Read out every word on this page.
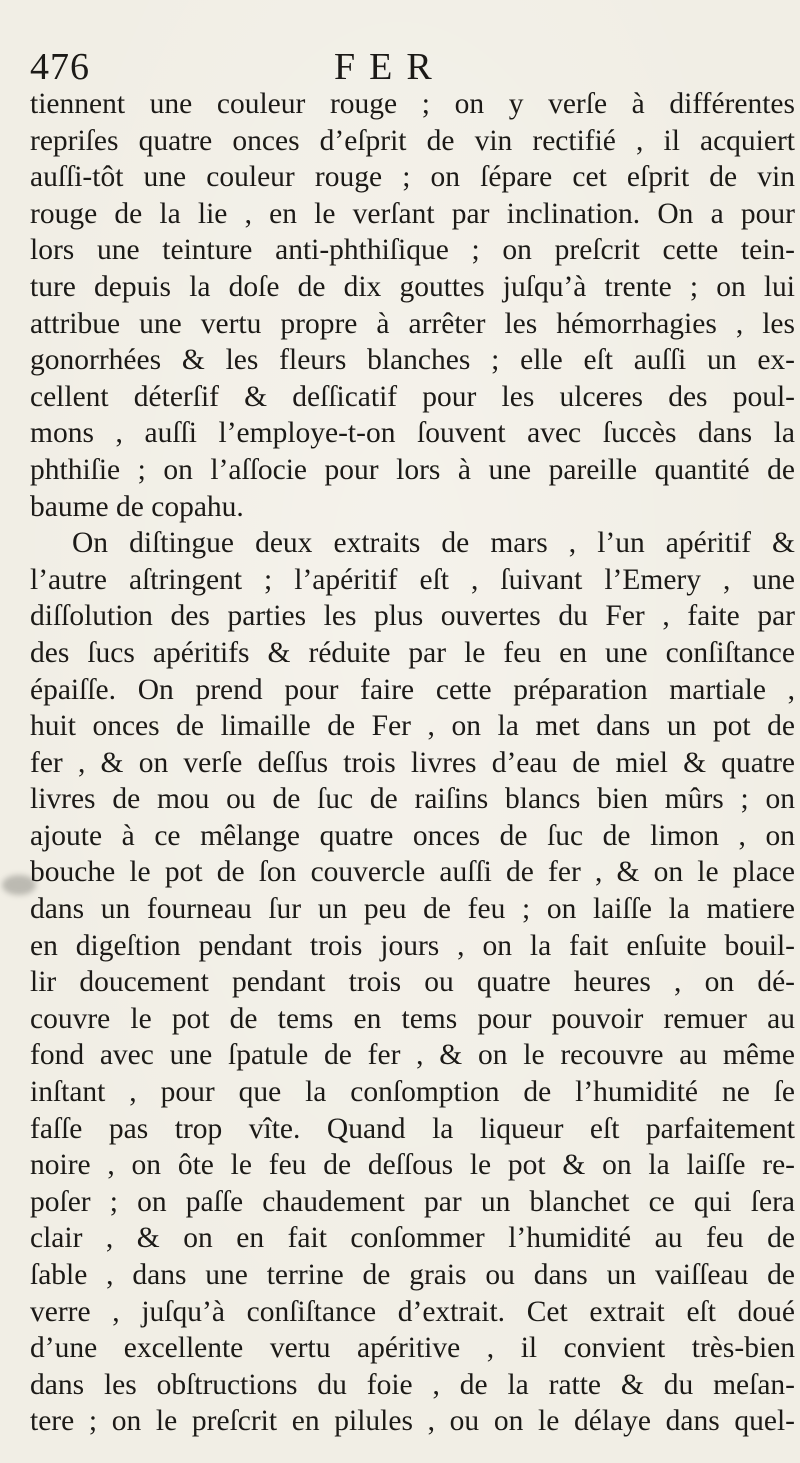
476	FER
tiennent une couleur rouge ; on y verſe à différentes
repriſes quatre onces d’eſprit de vin rectifié , il acquiert
auſſi-tôt une couleur rouge ; on ſépare cet eſprit de vin
rouge de la lie , en le verſant par inclination. On a pour
lors une teinture anti-phthiſique ; on preſcrit cette tein-
ture depuis la doſe de dix gouttes juſqu’à trente ; on lui
attribue une vertu propre à arrêter les hémorrhagies , les
gonorrhées & les fleurs blanches ; elle eſt auſſi un ex-
cellent déterſif & deſſicatif pour les ulceres des poul-
mons , auſſi l’employe-t-on ſouvent avec ſuccès dans la
phthiſie ; on l’aſſocie pour lors à une pareille quantité de
baume de copahu.
On diſtingue deux extraits de mars , l’un apéritif &
l’autre aſtringent ; l’apéritif eſt , ſuivant l’Emery , une
diſſolution des parties les plus ouvertes du Fer , faite par
des ſucs apéritifs & réduite par le feu en une conſiſtance
épaiſſe. On prend pour faire cette préparation martiale ,
huit onces de limaille de Fer , on la met dans un pot de
fer , & on verſe deſſus trois livres d’eau de miel & quatre
livres de mou ou de ſuc de raiſins blancs bien mûrs ; on
ajoute à ce mêlange quatre onces de ſuc de limon , on
bouche le pot de ſon couvercle auſſi de fer , & on le place
dans un fourneau ſur un peu de feu ; on laiſſe la matiere
en digeſtion pendant trois jours , on la fait enſuite bouil-
lir doucement pendant trois ou quatre heures , on dé-
couvre le pot de tems en tems pour pouvoir remuer au
fond avec une ſpatule de fer , & on le recouvre au même
inſtant , pour que la conſomption de l’humidité ne ſe
faſſe pas trop vîte. Quand la liqueur eſt parfaitement
noire , on ôte le feu de deſſous le pot & on la laiſſe re-
poſer ; on paſſe chaudement par un blanchet ce qui ſera
clair , & on en fait conſommer l’humidité au feu de
ſable , dans une terrine de grais ou dans un vaiſſeau de
verre , juſqu’à conſiſtance d’extrait. Cet extrait eſt doué
d’une excellente vertu apéritive , il convient très-bien
dans les obſtructions du foie , de la ratte & du meſan-
tere ; on le preſcrit en pilules , ou on le délaye dans quel-
